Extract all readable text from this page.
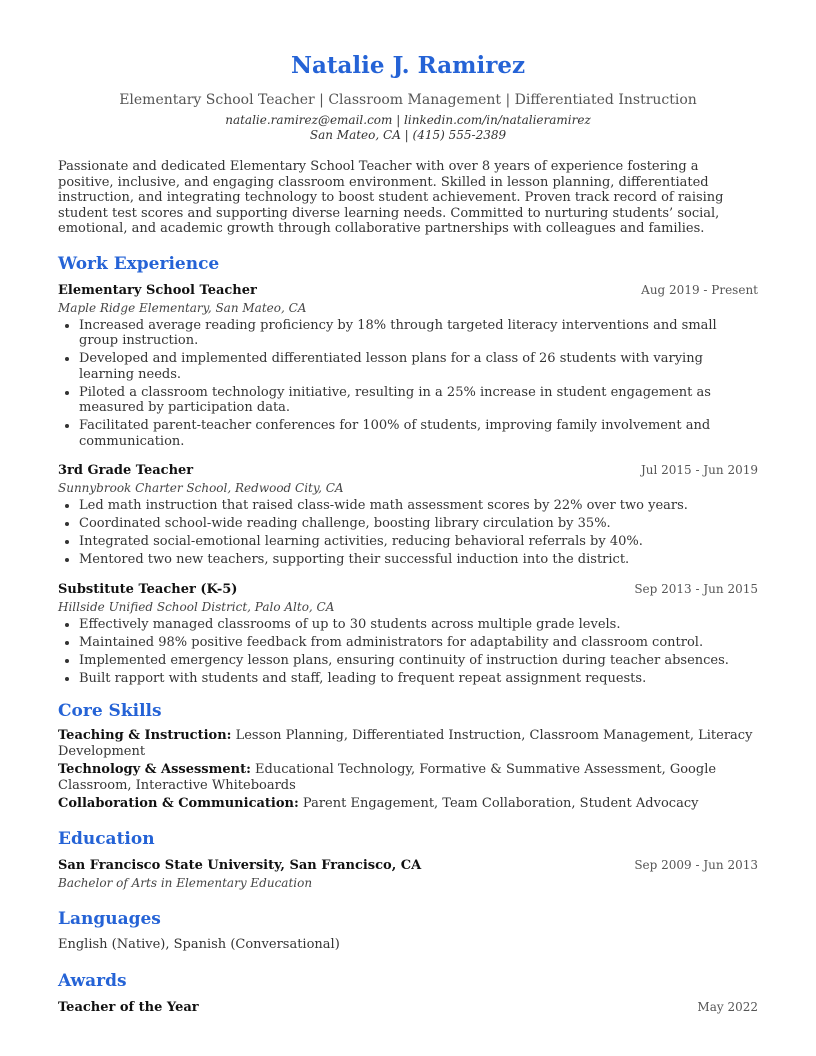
Natalie J. Ramirez
Elementary School Teacher | Classroom Management | Differentiated Instruction
natalie.ramirez@email.com | linkedin.com/in/natalieramirez
San Mateo, CA | (415) 555-2389
Passionate and dedicated Elementary School Teacher with over 8 years of experience fostering a positive, inclusive, and engaging classroom environment. Skilled in lesson planning, differentiated instruction, and integrating technology to boost student achievement. Proven track record of raising student test scores and supporting diverse learning needs. Committed to nurturing students’ social, emotional, and academic growth through collaborative partnerships with colleagues and families.
Work Experience
Elementary School Teacher	Aug 2019 - Present
Maple Ridge Elementary, San Mateo, CA
• Increased average reading proficiency by 18% through targeted literacy interventions and small group instruction.
• Developed and implemented differentiated lesson plans for a class of 26 students with varying learning needs.
• Piloted a classroom technology initiative, resulting in a 25% increase in student engagement as measured by participation data.
• Facilitated parent-teacher conferences for 100% of students, improving family involvement and communication.
3rd Grade Teacher	Jul 2015 - Jun 2019
Sunnybrook Charter School, Redwood City, CA
• Led math instruction that raised class-wide math assessment scores by 22% over two years.
• Coordinated school-wide reading challenge, boosting library circulation by 35%.
• Integrated social-emotional learning activities, reducing behavioral referrals by 40%.
• Mentored two new teachers, supporting their successful induction into the district.
Substitute Teacher (K-5)	Sep 2013 - Jun 2015
Hillside Unified School District, Palo Alto, CA
• Effectively managed classrooms of up to 30 students across multiple grade levels.
• Maintained 98% positive feedback from administrators for adaptability and classroom control.
• Implemented emergency lesson plans, ensuring continuity of instruction during teacher absences.
• Built rapport with students and staff, leading to frequent repeat assignment requests.
Core Skills
Teaching & Instruction: Lesson Planning, Differentiated Instruction, Classroom Management, Literacy Development
Technology & Assessment: Educational Technology, Formative & Summative Assessment, Google Classroom, Interactive Whiteboards
Collaboration & Communication: Parent Engagement, Team Collaboration, Student Advocacy
Education
San Francisco State University, San Francisco, CA	Sep 2009 - Jun 2013
Bachelor of Arts in Elementary Education
Languages
English (Native), Spanish (Conversational)
Awards
Teacher of the Year	May 2022
